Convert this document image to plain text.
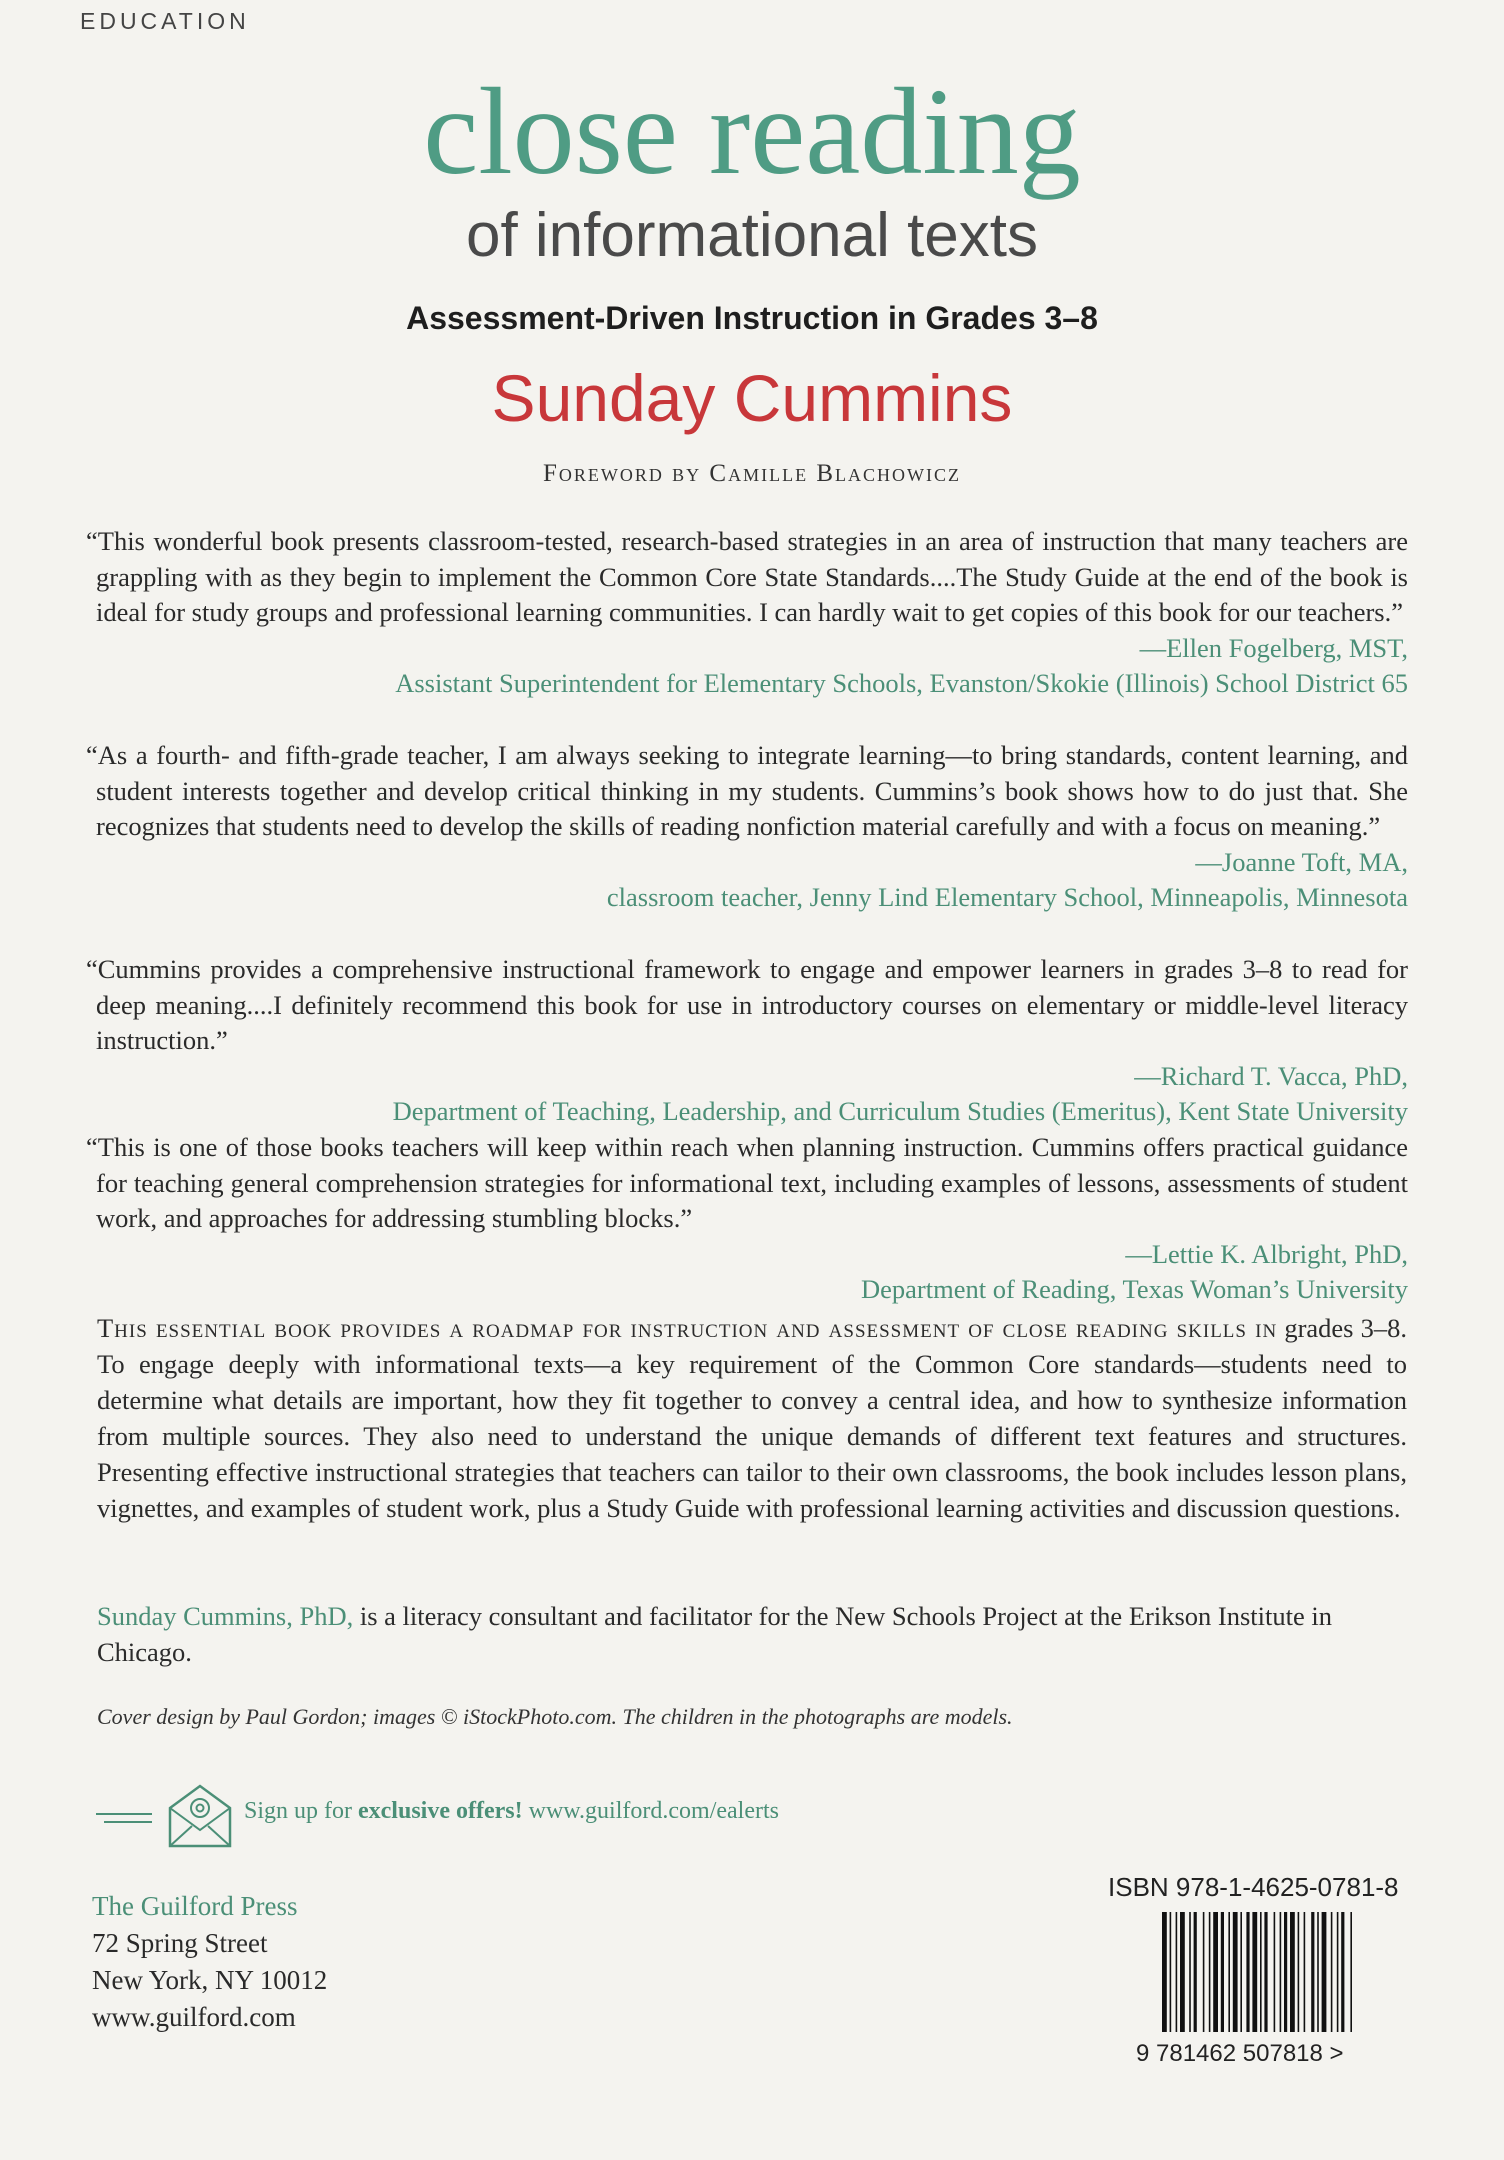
EDUCATION
close reading
of informational texts
Assessment-Driven Instruction in Grades 3–8
Sunday Cummins
Foreword by Camille Blachowicz

“This wonderful book presents classroom-tested, research-based strategies in an area of instruction that many teachers are grappling with as they begin to implement the Common Core State Standards....The Study Guide at the end of the book is ideal for study groups and professional learning communities. I can hardly wait to get copies of this book for our teachers.”

—Ellen Fogelberg, MST,
Assistant Superintendent for Elementary Schools, Evanston/Skokie (Illinois) School District 65

“As a fourth- and fifth-grade teacher, I am always seeking to integrate learning—to bring standards, content learning, and student interests together and develop critical thinking in my students. Cummins’s book shows how to do just that. She recognizes that students need to develop the skills of reading nonfiction material carefully and with a focus on meaning.”

—Joanne Toft, MA,
classroom teacher, Jenny Lind Elementary School, Minneapolis, Minnesota

“Cummins provides a comprehensive instructional framework to engage and empower learners in grades 3–8 to read for deep meaning....I definitely recommend this book for use in introductory courses on elementary or middle-level literacy instruction.”

—Richard T. Vacca, PhD,
Department of Teaching, Leadership, and Curriculum Studies (Emeritus), Kent State University

“This is one of those books teachers will keep within reach when planning instruction. Cummins offers practical guidance for teaching general comprehension strategies for informational text, including examples of lessons, assessments of student work, and approaches for addressing stumbling blocks.”

—Lettie K. Albright, PhD,
Department of Reading, Texas Woman’s University
This essential book provides a roadmap for instruction and assessment of close reading skills in grades 3–8. To engage deeply with informational texts—a key requirement of the Common Core standards—students need to determine what details are important, how they fit together to convey a central idea, and how to synthesize information from multiple sources. They also need to understand the unique demands of different text features and structures. Presenting effective instructional strategies that teachers can tailor to their own classrooms, the book includes lesson plans, vignettes, and examples of student work, plus a Study Guide with professional learning activities and discussion questions.
Sunday Cummins, PhD, is a literacy consultant and facilitator for the New Schools Project at the Erikson Institute in Chicago.
Cover design by Paul Gordon; images © iStockPhoto.com. The children in the photographs are models.
Sign up for exclusive offers! www.guilford.com/ealerts
The Guilford Press
72 Spring Street
New York, NY 10012
www.guilford.com
ISBN 978-1-4625-0781-8
9 781462 507818 >
